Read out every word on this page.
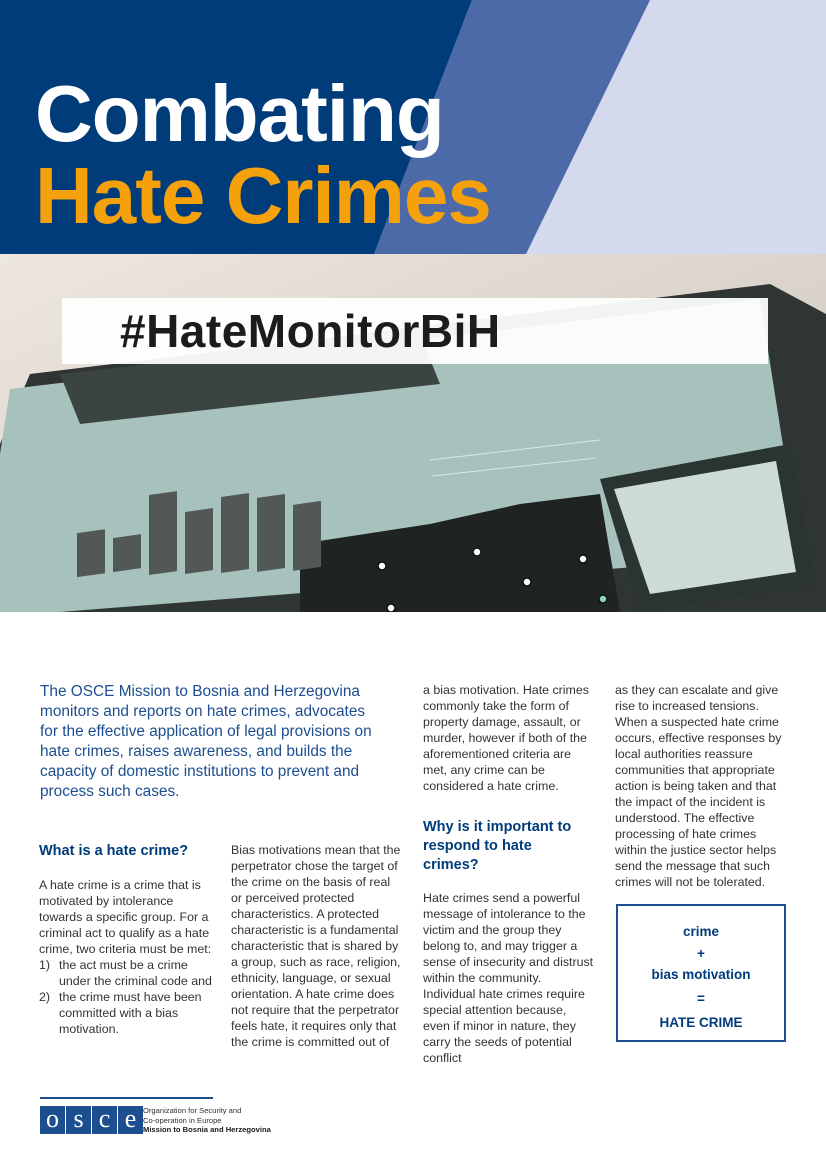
Combating
Hate Crimes
#HateMonitorBiH

The OSCE Mission to Bosnia and Herzegovina monitors and reports on hate crimes, advocates for the effective application of legal provisions on hate crimes, raises awareness, and builds the capacity of domestic institutions to prevent and process such cases.

What is a hate crime?

A hate crime is a crime that is motivated by intolerance towards a specific group. For a criminal act to qualify as a hate crime, two criteria must be met:

1) the act must be a crime under the criminal code and
2) the crime must have been committed with a bias motivation.

Bias motivations mean that the perpetrator chose the target of the crime on the basis of real or perceived protected characteristics. A protected characteristic is a fundamental characteristic that is shared by a group, such as race, religion, ethnicity, language, or sexual orientation. A hate crime does not require that the perpetrator feels hate, it requires only that the crime is committed out of

a bias motivation. Hate crimes commonly take the form of property damage, assault, or murder, however if both of the aforementioned criteria are met, any crime can be considered a hate crime.

Why is it important to respond to hate crimes?

Hate crimes send a powerful message of intolerance to the victim and the group they belong to, and may trigger a sense of insecurity and distrust within the community. Individual hate crimes require special attention because, even if minor in nature, they carry the seeds of potential conflict

as they can escalate and give rise to increased tensions. When a suspected hate crime occurs, effective responses by local authorities reassure communities that appropriate action is being taken and that the impact of the incident is understood. The effective processing of hate crimes within the justice sector helps send the message that such crimes will not be tolerated.

crime
+
bias motivation
=
HATE CRIME
o s c e Organization for Security and
Co-operation in Europe
Mission to Bosnia and Herzegovina
